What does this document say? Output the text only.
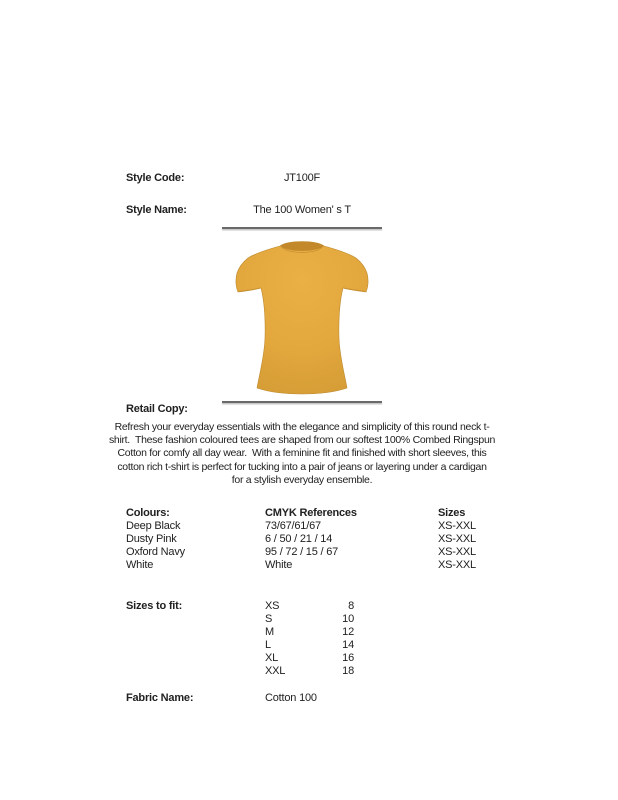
Style Code:	JT100F
Style Name:	The 100 Women' s T
Retail Copy:
Refresh your everyday essentials with the elegance and simplicity of this round neck t-
shirt.  These fashion coloured tees are shaped from our softest 100% Combed Ringspun
Cotton for comfy all day wear.  With a feminine fit and finished with short sleeves, this
cotton rich t-shirt is perfect for tucking into a pair of jeans or layering under a cardigan
for a stylish everyday ensemble.
Colours:	CMYK References	Sizes
Deep Black	73/67/61/67	XS-XXL
Dusty Pink	6 / 50 / 21 / 14	XS-XXL
Oxford Navy	95 / 72 / 15 / 67	XS-XXL
White	White	XS-XXL
Sizes to fit:	XS	8
S	10
M	12
L	14
XL	16
XXL	18
Fabric Name:	Cotton 100
